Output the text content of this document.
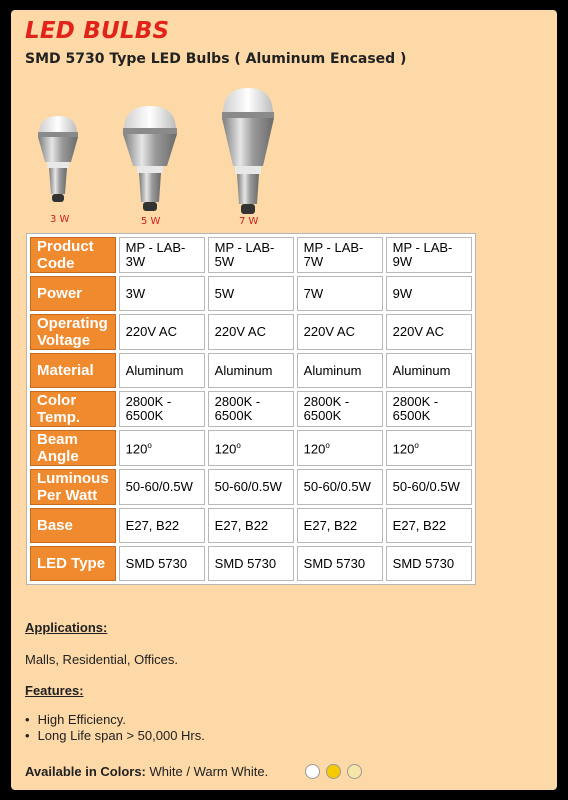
LED BULBS
SMD 5730 Type LED Bulbs ( Aluminum Encased )
3 W	5 W	7 W
Product Code	MP - LAB-3W	MP - LAB-5W	MP - LAB-7W	MP - LAB-9W
Power	3W	5W	7W	9W
Operating Voltage	220V AC	220V AC	220V AC	220V AC
Material	Aluminum	Aluminum	Aluminum	Aluminum
Color Temp.	2800K - 6500K	2800K - 6500K	2800K - 6500K	2800K - 6500K
Beam Angle	120$^o$	120$^o$	120$^o$	120$^o$
Luminous Per Watt	50-60/0.5W	50-60/0.5W	50-60/0.5W	50-60/0.5W
Base	E27, B22	E27, B22	E27, B22	E27, B22
LED Type	SMD 5730	SMD 5730	SMD 5730	SMD 5730

Applications:

Malls, Residential, Offices.

Features:

• High Efficiency.
• Long Life span > 50,000 Hrs.
Available in Colors: White / Warm White.
